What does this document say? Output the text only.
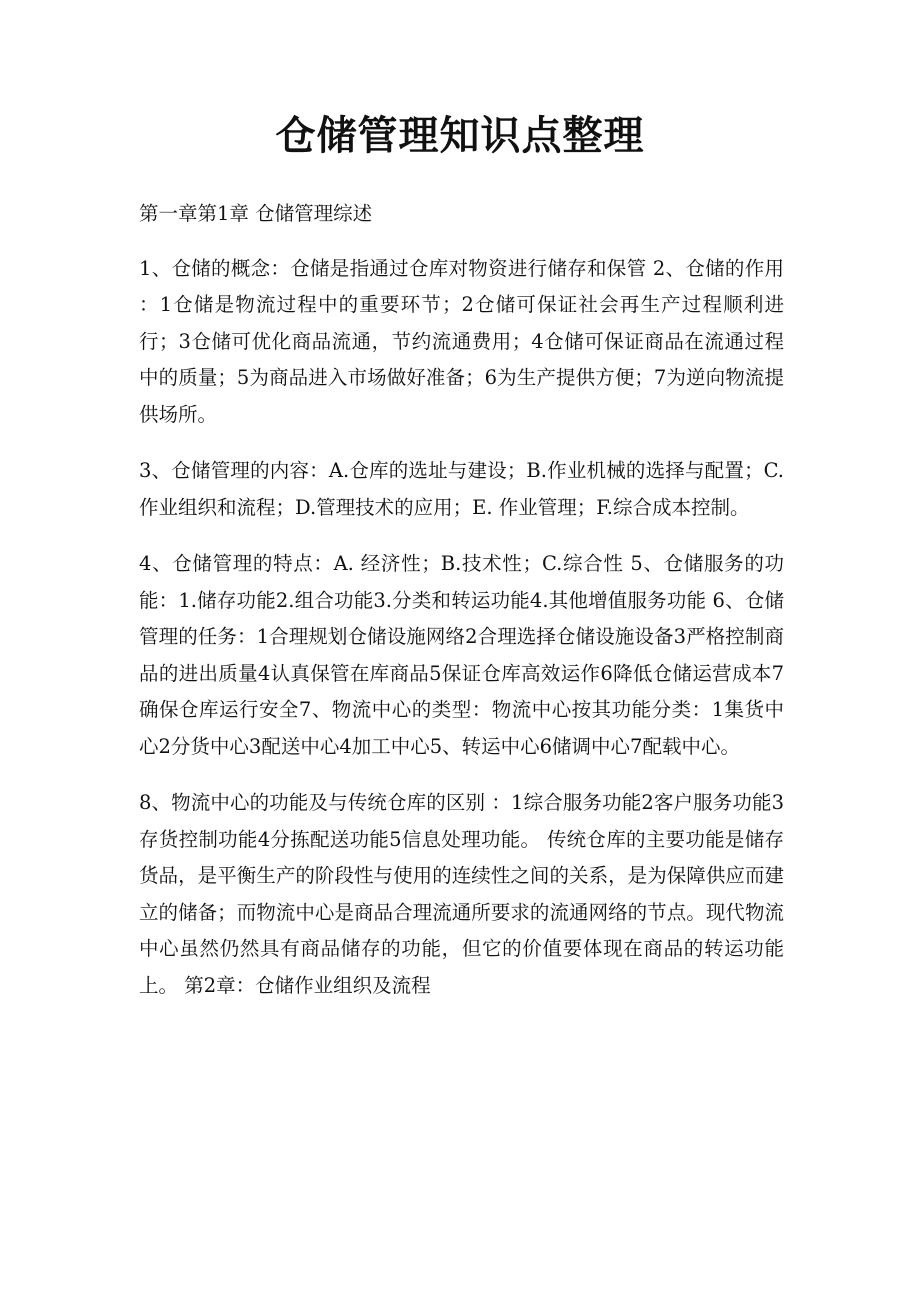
仓储管理知识点整理

第一章第1章 仓储管理综述

1、仓储的概念：仓储是指通过仓库对物资进行储存和保管 2、仓储的作用 ：1仓储是物流过程中的重要环节；2仓储可保证社会再生产过程顺利进行；3仓储可优化商品流通，节约流通费用；4仓储可保证商品在流通过程中的质量；5为商品进入市场做好准备；6为生产提供方便；7为逆向物流提供场所。

3、仓储管理的内容：A.仓库的选址与建设；B.作业机械的选择与配置；C.作业组织和流程；D.管理技术的应用；E. 作业管理；F.综合成本控制。

4、仓储管理的特点：A. 经济性；B.技术性；C.综合性 5、仓储服务的功能：1.储存功能2.组合功能3.分类和转运功能4.其他增值服务功能 6、仓储管理的任务：1合理规划仓储设施网络2合理选择仓储设施设备3严格控制商品的进出质量4认真保管在库商品5保证仓库高效运作6降低仓储运营成本7确保仓库运行安全7、物流中心的类型：物流中心按其功能分类：1集货中心2分货中心3配送中心4加工中心5、转运中心6储调中心7配载中心。

8、物流中心的功能及与传统仓库的区别 ：1综合服务功能2客户服务功能3存货控制功能4分拣配送功能5信息处理功能。 传统仓库的主要功能是储存货品，是平衡生产的阶段性与使用的连续性之间的关系，是为保障供应而建立的储备；而物流中心是商品合理流通所要求的流通网络的节点。现代物流中心虽然仍然具有商品储存的功能，但它的价值要体现在商品的转运功能上。 第2章：仓储作业组织及流程
